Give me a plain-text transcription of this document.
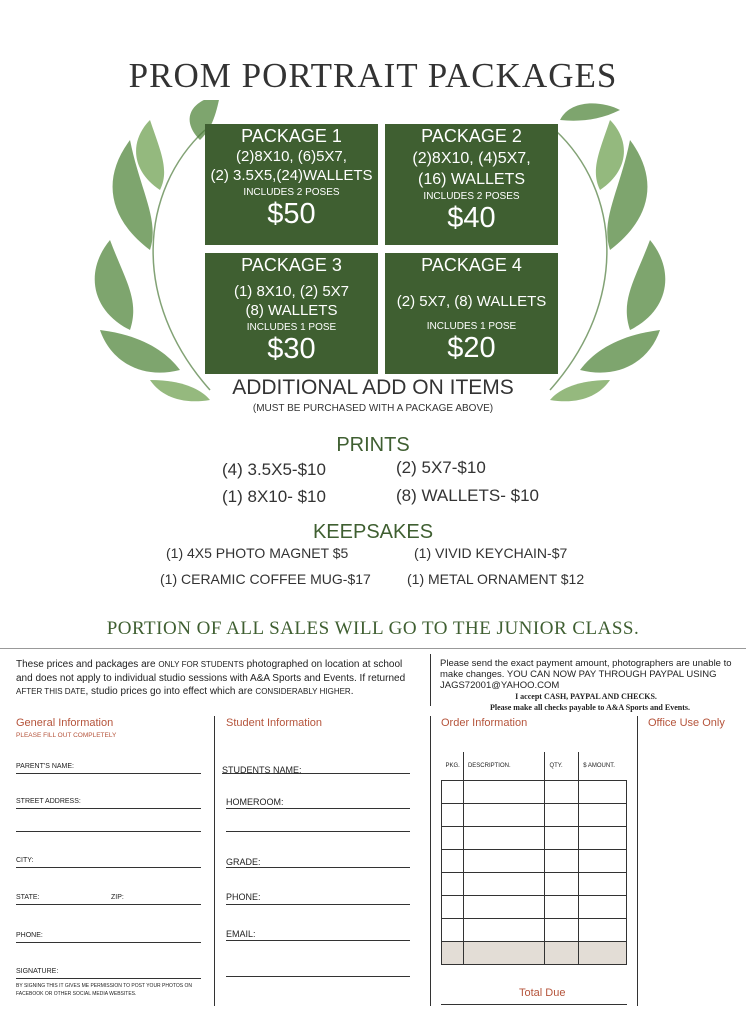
PROM PORTRAIT PACKAGES
PACKAGE 1
(2)8X10, (6)5X7,
(2) 3.5X5,(24)WALLETS
INCLUDES 2 POSES
$50
PACKAGE 2
(2)8X10, (4)5X7,
(16) WALLETS
INCLUDES 2 POSES
$40
PACKAGE 3
(1) 8X10, (2) 5X7
(8) WALLETS
INCLUDES 1 POSE
$30
PACKAGE 4
(2) 5X7, (8) WALLETS
INCLUDES 1 POSE
$20
ADDITIONAL ADD ON ITEMS
(MUST BE PURCHASED WITH A PACKAGE ABOVE)
PRINTS
(4) 3.5X5-$10	(2) 5X7-$10
(1) 8X10- $10	(8) WALLETS- $10
KEEPSAKES
(1) 4X5 PHOTO MAGNET $5	(1) VIVID KEYCHAIN-$7
(1) CERAMIC COFFEE MUG-$17	(1) METAL ORNAMENT $12
PORTION OF ALL SALES WILL GO TO THE JUNIOR CLASS.
These prices and packages are ONLY FOR STUDENTS photographed on location at school and does not apply to individual studio sessions with A&A Sports and Events. If returned AFTER THIS DATE, studio prices go into effect which are CONSIDERABLY HIGHER.
Please send the exact payment amount, photographers are unable to make changes. YOU CAN NOW PAY THROUGH PAYPAL USING JAGS72001@YAHOO.COM
I accept CASH, PAYPAL AND CHECKS.
Please make all checks payable to A&A Sports and Events.
General Information
PLEASE FILL OUT COMPLETELY
PARENT'S NAME:
STREET ADDRESS:
CITY:
STATE:	ZIP:
PHONE:
SIGNATURE:
BY SIGNING THIS IT GIVES ME PERMISSION TO POST YOUR PHOTOS ON FACEBOOK OR OTHER SOCIAL MEDIA WEBSITES.
Student Information
STUDENTS NAME:
HOMEROOM:
GRADE:
PHONE:
EMAIL:
Order Information	Office Use Only
PKG.	DESCRIPTION.	QTY.	$ AMOUNT.

Total Due
